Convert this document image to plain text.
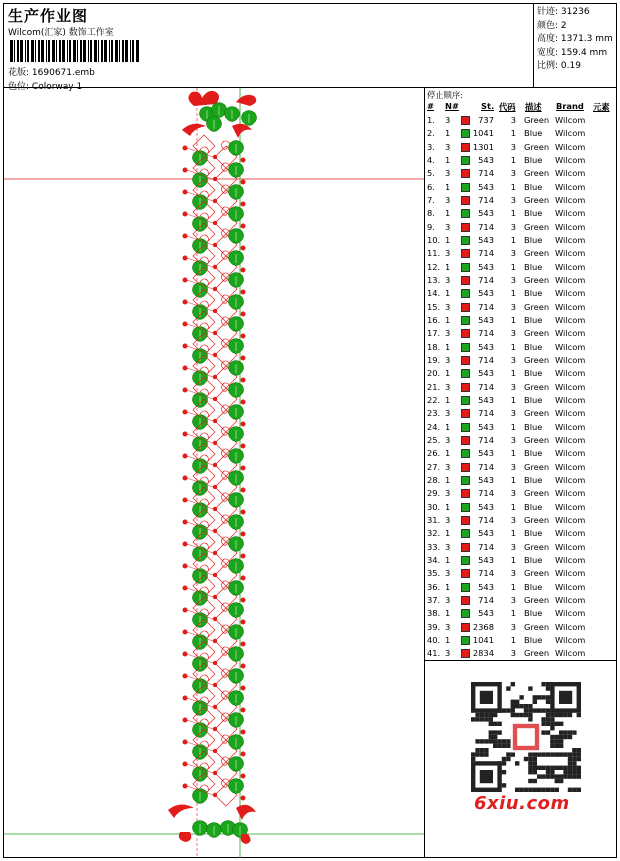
生产作业图
Wilcom(汇家) 数饰工作室
花版: 1690671.emb
色位: Colorway 1
针迹: 31236
颜色: 2
高度: 1371.3 mm
宽度: 159.4 mm
比例: 0.19
停止顺序:
# N#	St. 代码 描述 Brand 元素
1. 3	737	3 Green Wilcom
2. 1	1041	1 Blue Wilcom
3. 3	1301	3 Green Wilcom
4. 1	543	1 Blue Wilcom
5. 3	714	3 Green Wilcom
6. 1	543	1 Blue Wilcom
7. 3	714	3 Green Wilcom
8. 1	543	1 Blue Wilcom
9. 3	714	3 Green Wilcom
10. 1	543	1 Blue Wilcom
11. 3	714	3 Green Wilcom
12. 1	543	1 Blue Wilcom
13. 3	714	3 Green Wilcom
14. 1	543	1 Blue Wilcom
15. 3	714	3 Green Wilcom
16. 1	543	1 Blue Wilcom
17. 3	714	3 Green Wilcom
18. 1	543	1 Blue Wilcom
19. 3	714	3 Green Wilcom
20. 1	543	1 Blue Wilcom
21. 3	714	3 Green Wilcom
22. 1	543	1 Blue Wilcom
23. 3	714	3 Green Wilcom
24. 1	543	1 Blue Wilcom
25. 3	714	3 Green Wilcom
26. 1	543	1 Blue Wilcom
27. 3	714	3 Green Wilcom
28. 1	543	1 Blue Wilcom
29. 3	714	3 Green Wilcom
30. 1	543	1 Blue Wilcom
31. 3	714	3 Green Wilcom
32. 1	543	1 Blue Wilcom
33. 3	714	3 Green Wilcom
34. 1	543	1 Blue Wilcom
35. 3	714	3 Green Wilcom
36. 1	543	1 Blue Wilcom
37. 3	714	3 Green Wilcom
38. 1	543	1 Blue Wilcom
39. 3	2368	3 Green Wilcom
40. 1	1041	1 Blue Wilcom
41. 3	2834	3 Green Wilcom
6xiu.com
